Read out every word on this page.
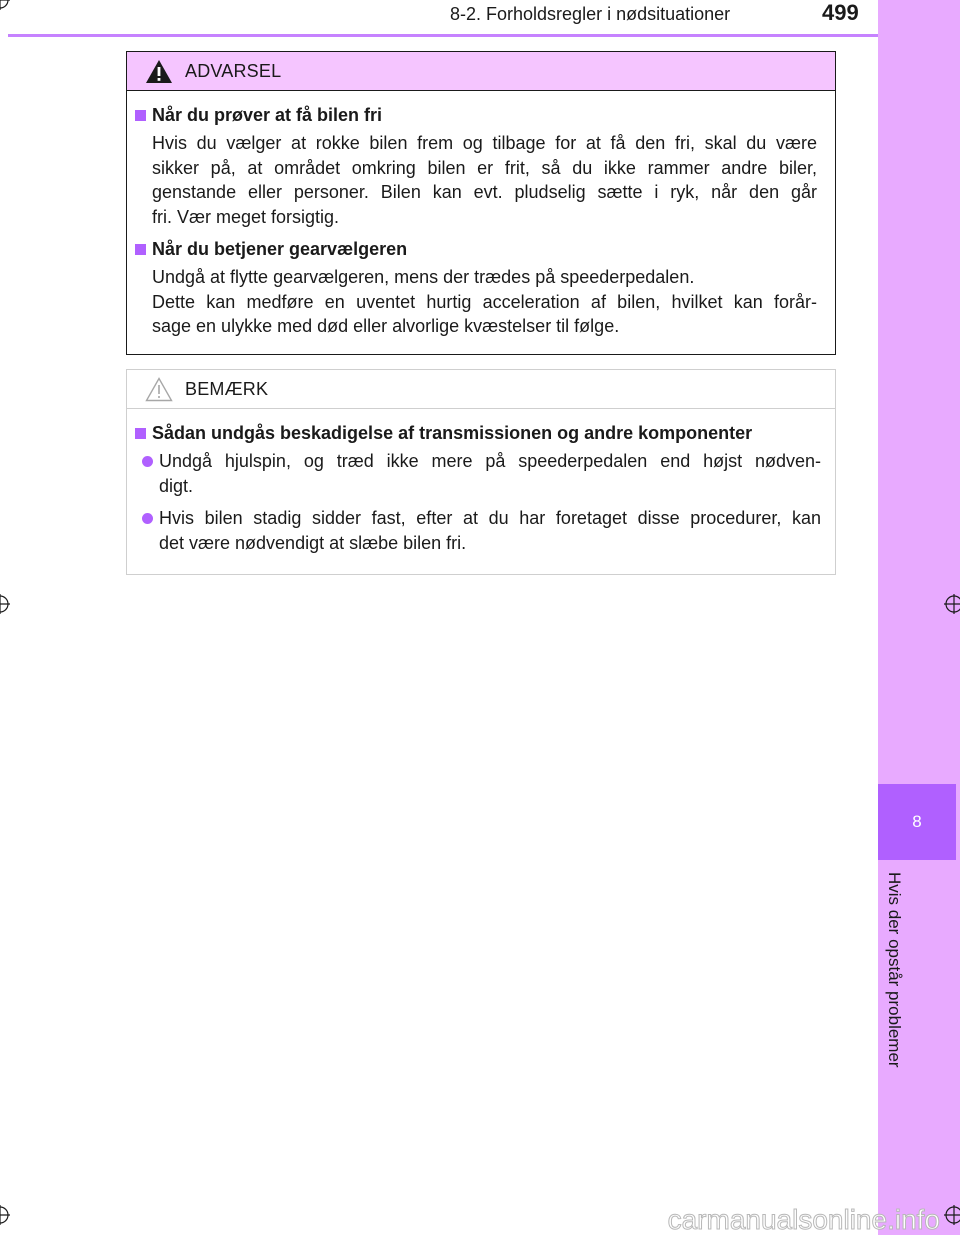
8
Hvis der opstår problemer
8-2. Forholdsregler i nødsituationer	499
ADVARSEL
Når du prøver at få bilen fri
Hvis du vælger at rokke bilen frem og tilbage for at få den fri, skal du være
sikker på, at området omkring bilen er frit, så du ikke rammer andre biler,
genstande eller personer. Bilen kan evt. pludselig sætte i ryk, når den går
fri. Vær meget forsigtig.
Når du betjener gearvælgeren
Undgå at flytte gearvælgeren, mens der trædes på speederpedalen.
Dette kan medføre en uventet hurtig acceleration af bilen, hvilket kan forår-
sage en ulykke med død eller alvorlige kvæstelser til følge.
BEMÆRK
Sådan undgås beskadigelse af transmissionen og andre komponenter
Undgå hjulspin, og træd ikke mere på speederpedalen end højst nødven-
digt.
Hvis bilen stadig sidder fast, efter at du har foretaget disse procedurer, kan
det være nødvendigt at slæbe bilen fri.
carmanualsonline.info
